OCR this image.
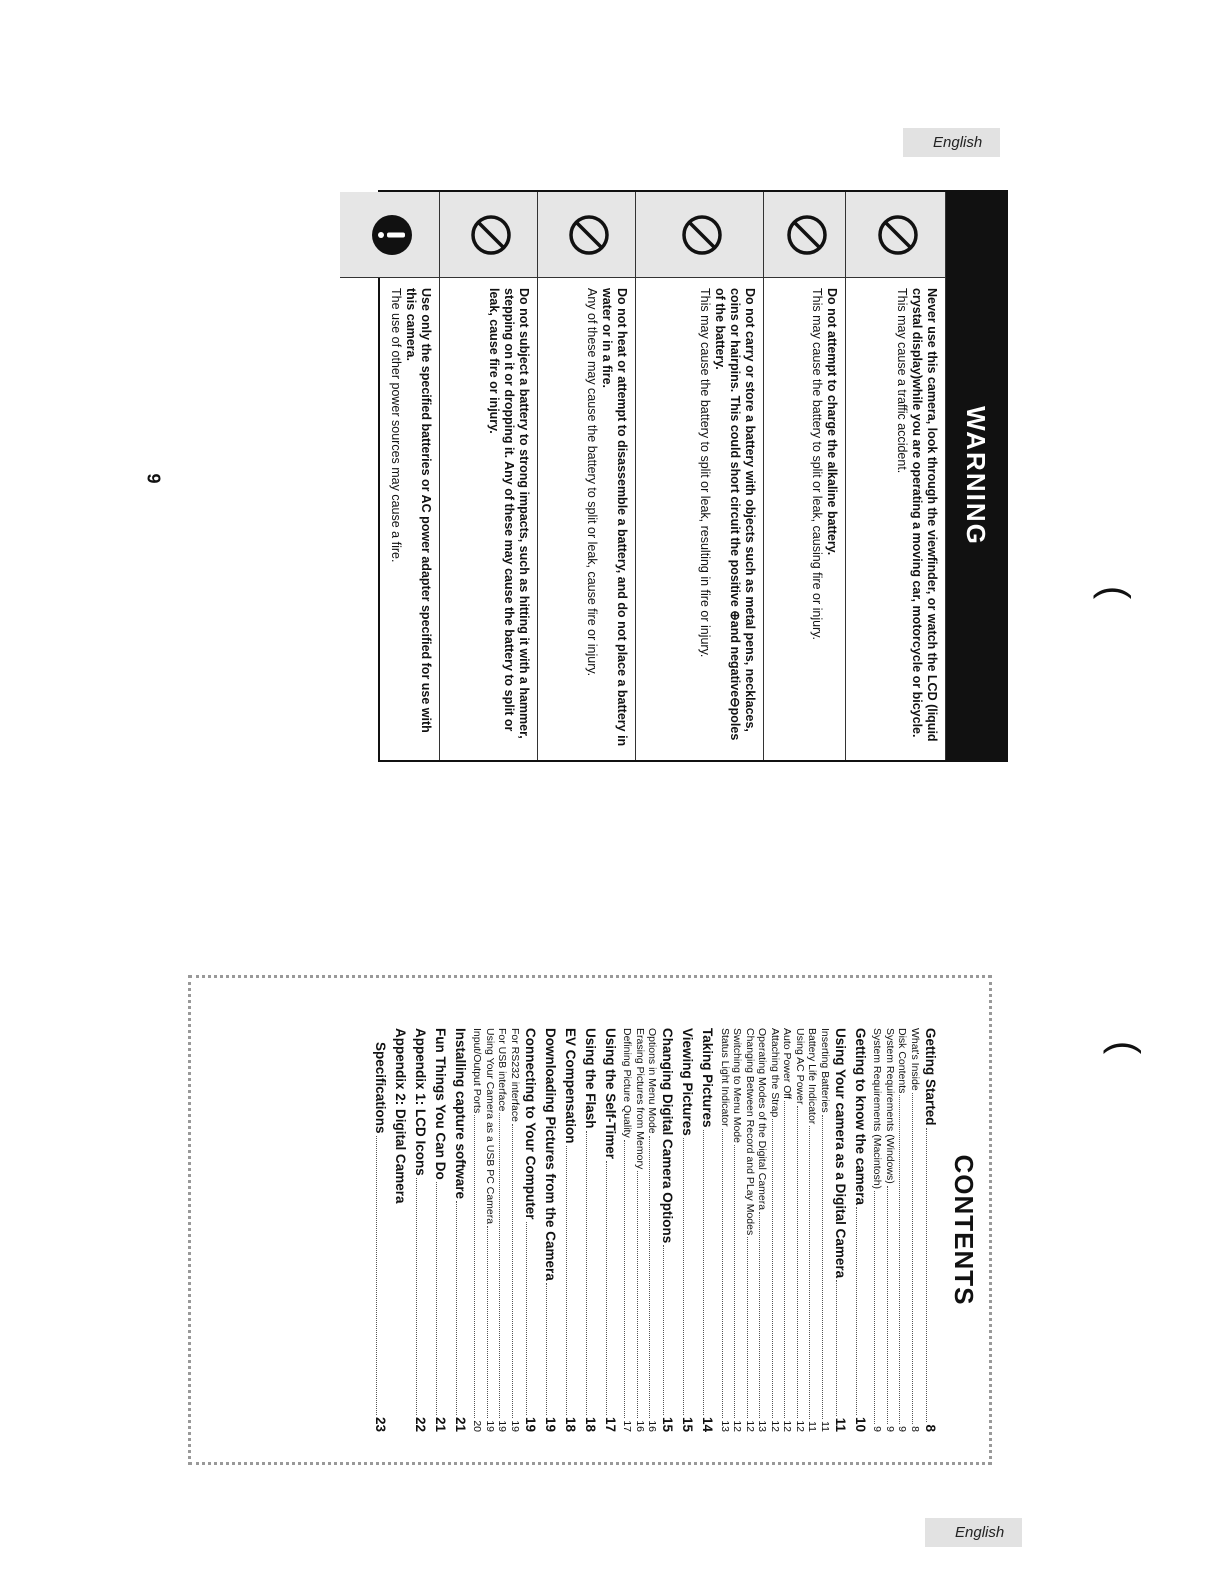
English
WARNING
Never use this camera, look through the viewfinder, or watch the LCD (liquid crystal display)while you are operating a moving car, motorcycle or bicycle.
This may cause a traffic accident.
Do not attempt to charge the alkaline battery.
This may cause the battery to split or leak, causing fire or injury.
Do not carry or store a battery with objects such as metal pens, necklaces, coins or hairpins. This could short circuit the positive ⊕and negative⊖poles of the battery.
This may cause the battery to split or leak, resulting in fire or injury.
Do not heat or attempt to disassemble a battery, and do not place a battery in water or in a fire.
Any of these may cause the battery to split or leak, cause fire or injury.
Do not subject a battery to strong impacts, such as hitting it with a hammer, stepping on it or dropping it. Any of these may cause the battery to split or leak, cause fire or injury.
Use only the specified batteries or AC power adapter specified for use with this camera.
The use of other power sources may cause a fire.
9
(
(
CONTENTS
Getting Started
8
What's Inside
8
Disk Contents
9
System Requirements (Windows)
9
System Requirements (Macintosh)
9
Getting to know the camera
10
Using Your camera as a Digital Camera
11
Inserting Batteries
11
Battery Life Indicator
11
Using AC Power
12
Auto Power Off
12
Attaching the Strap
12
Operating Modes of the Digital Camera
13
Changing Between Record and PLay Modes
12
Switching to Menu Mode
12
Status Light Indicator
13
Taking Pictures
14
Viewing Pictures
15
Changing Digital Camera Options
15
Options in Menu Mode
16
Erasing Pictures from Memory
16
Defining Picture Quality
17
Using the Self-Timer
17
Using the Flash
18
EV Compensation
18
Downloading Pictures from the Camera
19
Connecting to Your Computer
19
For RS232 interface
19
For USB interface
19
Using Your Camera as a USB PC Camera
19
Input/Output Ports
20
Installing capture software
21
Fun Things You Can Do
21
Appendix 1: LCD Icons
22
Appendix 2: Digital Camera
Specifications
23
English
